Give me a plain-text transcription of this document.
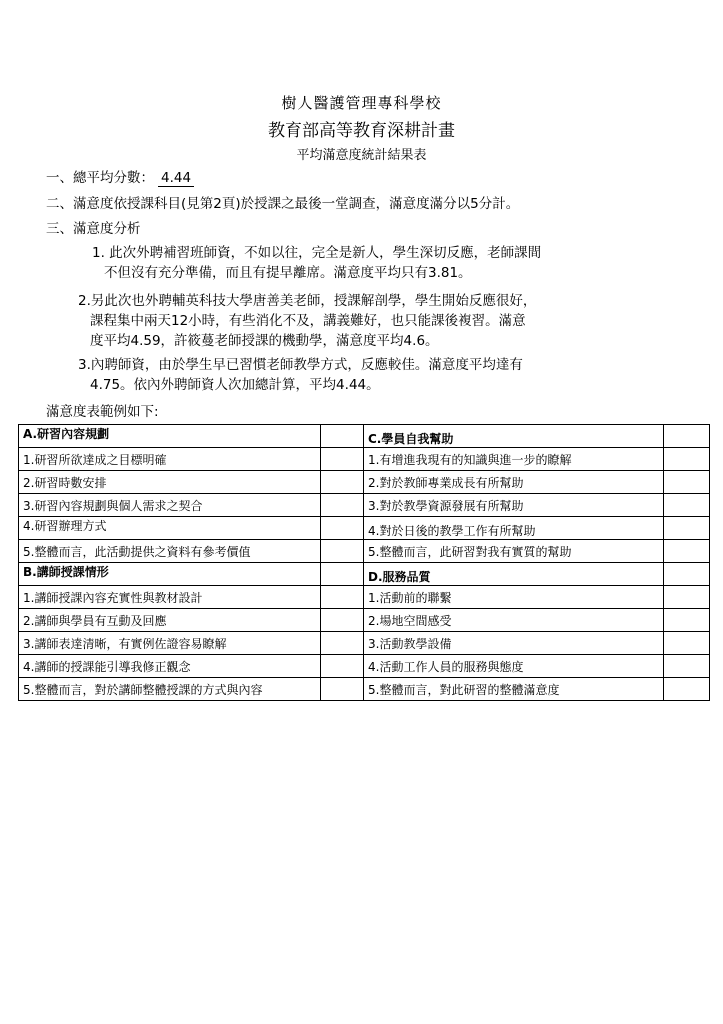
樹人醫護管理專科學校
教育部高等教育深耕計畫
平均滿意度統計結果表
一、總平均分數： 4.44
二、滿意度依授課科目(見第2頁)於授課之最後一堂調查，滿意度滿分以5分計。
三、滿意度分析

1. 此次外聘補習班師資，不如以往，完全是新人，學生深切反應，老師課間

不但沒有充分準備，而且有提早離席。滿意度平均只有3.81。

2.另此次也外聘輔英科技大學唐善美老師，授課解剖學，學生開始反應很好，

課程集中兩天12小時，有些消化不及，講義難好，也只能課後複習。滿意

度平均4.59，許筱蔓老師授課的機動學，滿意度平均4.6。

3.內聘師資，由於學生早已習慣老師教學方式，反應較佳。滿意度平均達有

4.75。依內外聘師資人次加總計算，平均4.44。

滿意度表範例如下:
A.研習內容規劃		C.學員自我幫助	
1.研習所欲達成之目標明確		1.有增進我現有的知識與進一步的瞭解	
2.研習時數安排		2.對於教師專業成長有所幫助	
3.研習內容規劃與個人需求之契合		3.對於教學資源發展有所幫助	
4.研習辦理方式		4.對於日後的教學工作有所幫助	
5.整體而言，此活動提供之資料有參考價值		5.整體而言，此研習對我有實質的幫助	
B.講師授課情形		D.服務品質	
1.講師授課內容充實性與教材設計		1.活動前的聯繫	
2.講師與學員有互動及回應		2.場地空間感受	
3.講師表達清晰，有實例佐證容易瞭解		3.活動教學設備	
4.講師的授課能引導我修正觀念		4.活動工作人員的服務與態度	
5.整體而言，對於講師整體授課的方式與內容		5.整體而言，對此研習的整體滿意度	
